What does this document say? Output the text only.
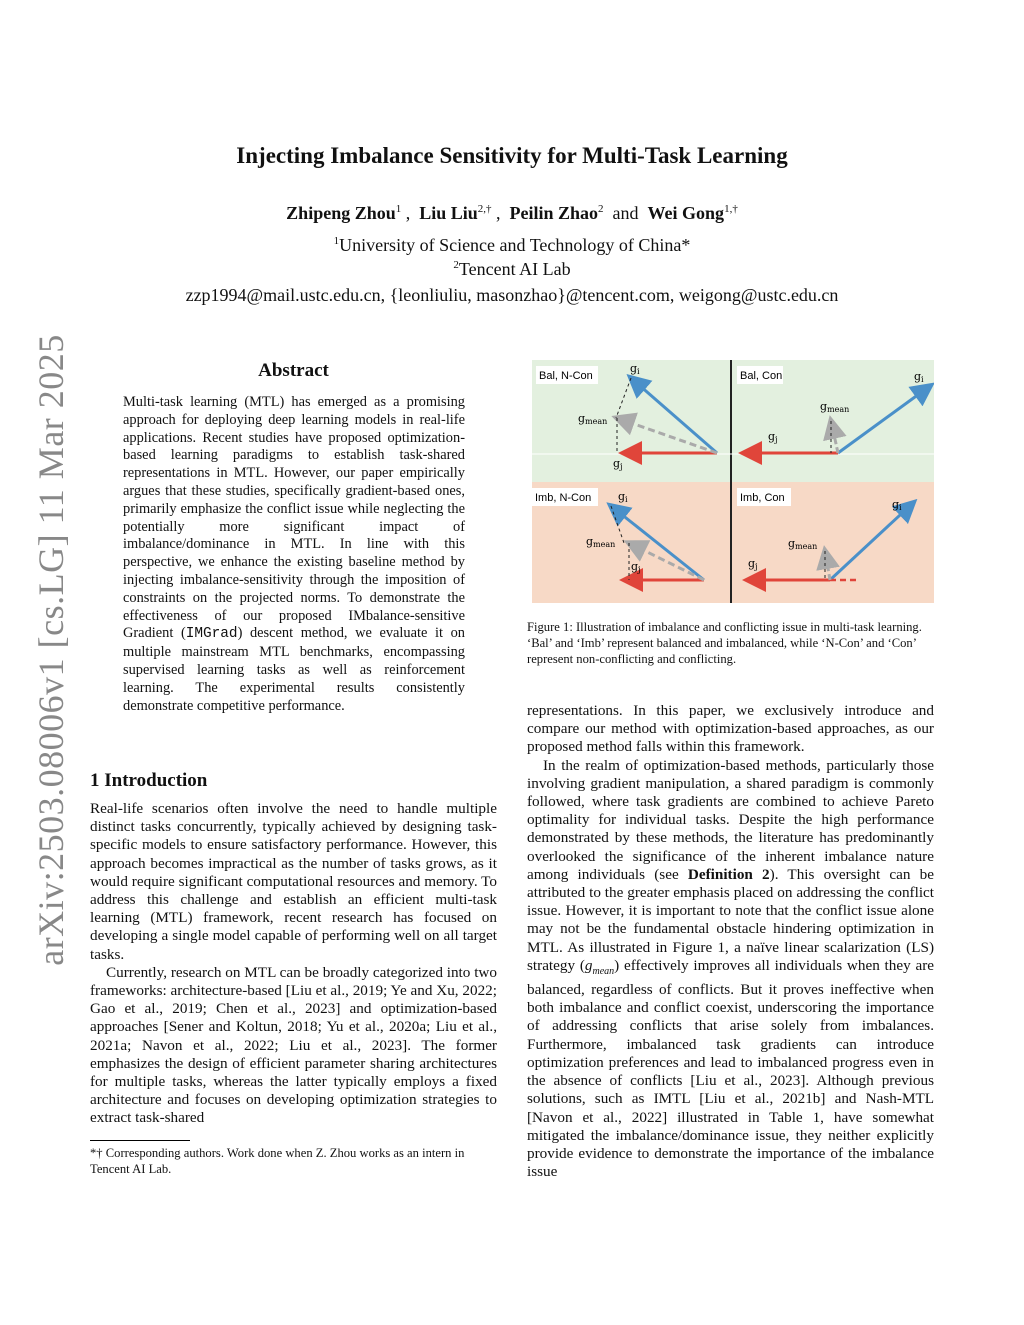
arXiv:2503.08006v1 [cs.LG] 11 Mar 2025
Injecting Imbalance Sensitivity for Multi-Task Learning
Zhipeng Zhou$^1$ ,  Liu Liu$^{2,\dagger}$ ,  Peilin Zhao$^2$  and  Wei Gong$^{1,\dagger}$
$^1$University of Science and Technology of China*
$^2$Tencent AI Lab
zzp1994@mail.ustc.edu.cn, {leonliuliu, masonzhao}@tencent.com, weigong@ustc.edu.cn
Abstract
Multi-task learning (MTL) has emerged as a promising approach for deploying deep learning models in real-life applications. Recent studies have proposed optimization-based learning paradigms to establish task-shared representations in MTL. However, our paper empirically argues that these studies, specifically gradient-based ones, primarily emphasize the conflict issue while neglecting the potentially more significant impact of imbalance/dominance in MTL. In line with this perspective, we enhance the existing baseline method by injecting imbalance-sensitivity through the imposition of constraints on the projected norms. To demonstrate the effectiveness of our proposed IMbalance-sensitive Gradient (IMGrad) descent method, we evaluate it on multiple mainstream MTL benchmarks, encompassing supervised learning tasks as well as reinforcement learning. The experimental results consistently demonstrate competitive performance.
1 Introduction

Real-life scenarios often involve the need to handle multiple distinct tasks concurrently, typically achieved by designing task-specific models to ensure satisfactory performance. However, this approach becomes impractical as the number of tasks grows, as it would require significant computational resources and memory. To address this challenge and establish an efficient multi-task learning (MTL) framework, recent research has focused on developing a single model capable of performing well on all target tasks.

Currently, research on MTL can be broadly categorized into two frameworks: architecture-based [Liu et al., 2019; Ye and Xu, 2022; Gao et al., 2019; Chen et al., 2023] and optimization-based approaches [Sener and Koltun, 2018; Yu et al., 2020a; Liu et al., 2021a; Navon et al., 2022; Liu et al., 2023]. The former emphasizes the design of efficient parameter sharing architectures for multiple tasks, whereas the latter typically employs a fixed architecture and focuses on developing optimization strategies to extract task-shared

*† Corresponding authors. Work done when Z. Zhou works as an intern in Tencent AI Lab.
Bal, N-Con
gi
gmean
gj
Bal, Con	gi
gmean
gj
Imb, N-Con gi
gmean
gj
Imb, Con	gi
gmean
gj
Figure 1: Illustration of imbalance and conflicting issue in multi-task learning. ‘Bal’ and ‘Imb’ represent balanced and imbalanced, while ‘N-Con’ and ‘Con’ represent non-conflicting and conflicting.

representations. In this paper, we exclusively introduce and compare our method with optimization-based approaches, as our proposed method falls within this framework.

In the realm of optimization-based methods, particularly those involving gradient manipulation, a shared paradigm is commonly followed, where task gradients are combined to achieve Pareto optimality for individual tasks. Despite the high performance demonstrated by these methods, the literature has predominantly overlooked the significance of the inherent imbalance nature among individuals (see Definition 2). This oversight can be attributed to the greater emphasis placed on addressing the conflict issue. However, it is important to note that the conflict issue alone may not be the fundamental obstacle hindering optimization in MTL. As illustrated in Figure 1, a naïve linear scalarization (LS) strategy $(g_{mean})$ effectively improves all individuals when they are balanced, regardless of conflicts. But it proves ineffective when both imbalance and conflict coexist, underscoring the importance of addressing conflicts that arise solely from imbalances. Furthermore, imbalanced task gradients can introduce optimization preferences and lead to imbalanced progress even in the absence of conflicts [Liu et al., 2023]. Although previous solutions, such as IMTL [Liu et al., 2021b] and Nash-MTL [Navon et al., 2022] illustrated in Table 1, have somewhat mitigated the imbalance/dominance issue, they neither explicitly provide evidence to demonstrate the importance of the imbalance issue
